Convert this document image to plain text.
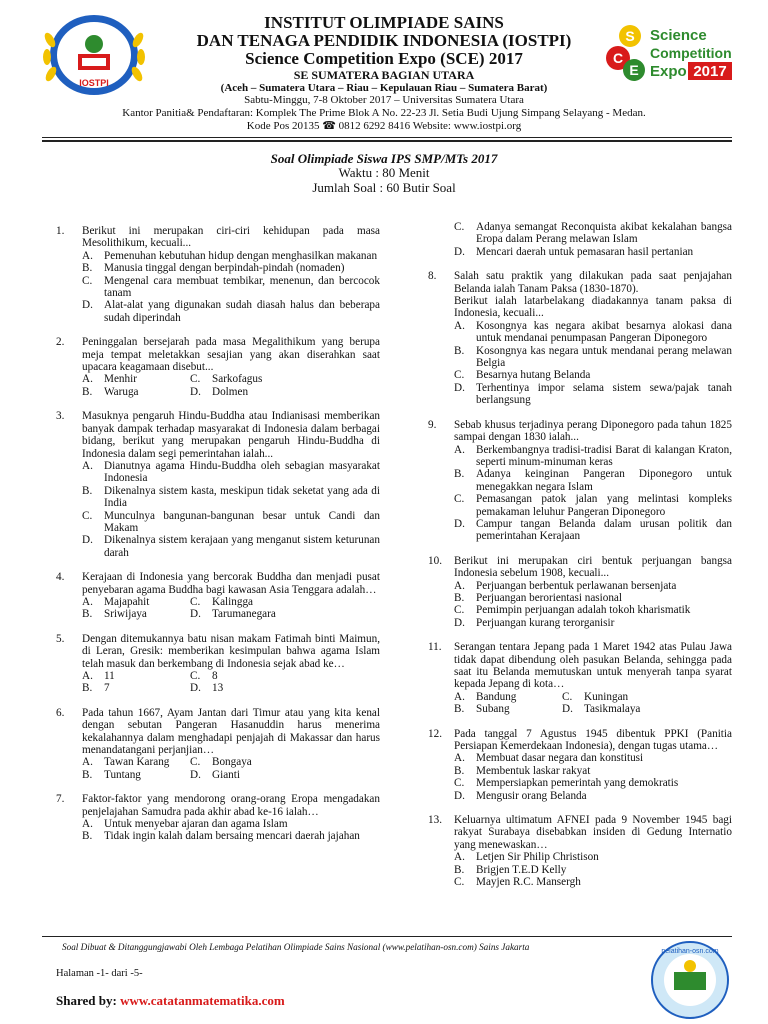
IOSTPI
S
C
E
Science
Competition
Expo 2017

INSTITUT OLIMPIADE SAINS

DAN TENAGA PENDIDIK INDONESIA (IOSTPI)

Science Competition Expo (SCE) 2017

SE SUMATERA BAGIAN UTARA

(Aceh – Sumatera Utara – Riau – Kepulauan Riau – Sumatera Barat)

Sabtu-Minggu, 7-8 Oktober 2017 – Universitas Sumatera Utara

Kantor Panitia& Pendaftaran: Komplek The Prime Blok A No. 22-23 Jl. Setia Budi Ujung Simpang Selayang - Medan.

Kode Pos 20135 ☎ 0812 6292 8416 Website: www.iostpi.org

Soal Olimpiade Siswa IPS SMP/MTs 2017

Waktu : 80 Menit

Jumlah Soal : 60 Butir Soal

1. Berikut ini merupakan ciri-ciri kehidupan pada masa Mesolithikum, kecuali...

A. Pemenuhan kebutuhan hidup dengan menghasilkan makanan
B. Manusia tinggal dengan berpindah-pindah (nomaden)
C. Mengenal cara membuat tembikar, menenun, dan bercocok tanam
D. Alat-alat yang digunakan sudah diasah halus dan beberapa sudah diperindah
2. Peninggalan bersejarah pada masa Megalithikum yang berupa meja tempat meletakkan sesajian yang akan diserahkan saat upacara keagamaan disebut...

A. Menhir	C. Sarkofagus
B. Waruga	D. Dolmen
3. Masuknya pengaruh Hindu-Buddha atau Indianisasi memberikan banyak dampak terhadap masyarakat di Indonesia dalam berbagai bidang, berikut yang merupakan pengaruh Hindu-Buddha di Indonesia dalam segi pemerintahan ialah...

A. Dianutnya agama Hindu-Buddha oleh sebagian masyarakat Indonesia
B. Dikenalnya sistem kasta, meskipun tidak seketat yang ada di India
C. Munculnya bangunan-bangunan besar untuk Candi dan Makam
D. Dikenalnya sistem kerajaan yang menganut sistem keturunan darah
4. Kerajaan di Indonesia yang bercorak Buddha dan menjadi pusat penyebaran agama Buddha bagi kawasan Asia Tenggara adalah…

A. Majapahit	C. Kalingga
B. Sriwijaya	D. Tarumanegara
5. Dengan ditemukannya batu nisan makam Fatimah binti Maimun, di Leran, Gresik: memberikan kesimpulan bahwa agama Islam telah masuk dan berkembang di Indonesia sejak abad ke…

A. 11	C. 8
B. 7	D. 13
6. Pada tahun 1667, Ayam Jantan dari Timur atau yang kita kenal dengan sebutan Pangeran Hasanuddin harus menerima kekalahannya dalam menghadapi penjajah di Makassar dan harus menandatangani perjanjian…

A. Tawan Karang	C. Bongaya
B. Tuntang	D. Gianti
7. Faktor-faktor yang mendorong orang-orang Eropa mengadakan penjelajahan Samudra pada akhir abad ke-16 ialah…

A. Untuk menyebar ajaran dan agama Islam
B. Tidak ingin kalah dalam bersaing mencari daerah jajahan
C. Adanya semangat Reconquista akibat kekalahan bangsa Eropa dalam Perang melawan Islam
D. Mencari daerah untuk pemasaran hasil pertanian
8. Salah satu praktik yang dilakukan pada saat penjajahan Belanda ialah Tanam Paksa (1830-1870).

Berikut ialah latarbelakang diadakannya tanam paksa di Indonesia, kecuali...

A. Kosongnya kas negara akibat besarnya alokasi dana untuk mendanai penumpasan Pangeran Diponegoro
B. Kosongnya kas negara untuk mendanai perang melawan Belgia
C. Besarnya hutang Belanda
D. Terhentinya impor selama sistem sewa/pajak tanah berlangsung
9. Sebab khusus terjadinya perang Diponegoro pada tahun 1825 sampai dengan 1830 ialah...

A. Berkembangnya tradisi-tradisi Barat di kalangan Kraton, seperti minum-minuman keras
B. Adanya keinginan Pangeran Diponegoro untuk menegakkan negara Islam
C. Pemasangan patok jalan yang melintasi kompleks pemakaman leluhur Pangeran Diponegoro
D. Campur tangan Belanda dalam urusan politik dan pemerintahan Kerajaan
10. Berikut ini merupakan ciri bentuk perjuangan bangsa Indonesia sebelum 1908, kecuali...

A. Perjuangan berbentuk perlawanan bersenjata
B. Perjuangan berorientasi nasional
C. Pemimpin perjuangan adalah tokoh kharismatik
D. Perjuangan kurang terorganisir
11. Serangan tentara Jepang pada 1 Maret 1942 atas Pulau Jawa tidak dapat dibendung oleh pasukan Belanda, sehingga pada saat itu Belanda memutuskan untuk menyerah tanpa syarat kepada Jepang di kota…

A. Bandung	C. Kuningan
B. Subang	D. Tasikmalaya
12. Pada tanggal 7 Agustus 1945 dibentuk PPKI (Panitia Persiapan Kemerdekaan Indonesia), dengan tugas utama…

A. Membuat dasar negara dan konstitusi
B. Membentuk laskar rakyat
C. Mempersiapkan pemerintah yang demokratis
D. Mengusir orang Belanda
13. Keluarnya ultimatum AFNEI pada 9 November 1945 bagi rakyat Surabaya disebabkan insiden di Gedung Internatio yang menewaskan…

A. Letjen Sir Philip Christison
B. Brigjen T.E.D Kelly
C. Mayjen R.C. Mansergh

Soal Dibuat & Ditanggungjawabi Oleh Lembaga Pelatihan Olimpiade Sains Nasional (www.pelatihan-osn.com) Sains Jakarta

Halaman -1- dari -5-

Shared by: www.catatanmatematika.com

pelatihan-osn.com
